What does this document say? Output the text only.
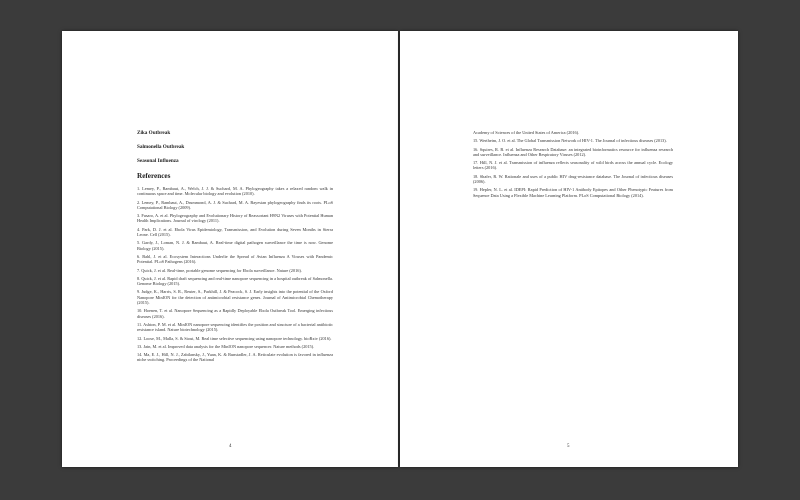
Zika Outbreak
Salmonella Outbreak
Seasonal Influenza
References
1. Lemey, P., Rambaut, A., Welch, J. J. & Suchard, M. A. Phylogeography takes a relaxed random walk in continuous space and time. Molecular biology and evolution (2010).
2. Lemey, P., Rambaut, A., Drummond, A. J. & Suchard, M. A. Bayesian phylogeography finds its roots. PLoS Computational Biology (2009).
3. Fusaro, A. et al. Phylogeography and Evolutionary History of Reassortant H9N2 Viruses with Potential Human Health Implications. Journal of virology (2011).
4. Park, D. J. et al. Ebola Virus Epidemiology, Transmission, and Evolution during Seven Months in Sierra Leone. Cell (2015).
5. Gardy, J., Loman, N. J. & Rambaut, A. Real-time digital pathogen surveillance the time is now. Genome Biology (2015).
6. Bahl, J. et al. Ecosystem Interactions Underlie the Spread of Avian Influenza A Viruses with Pandemic Potential. PLoS Pathogens (2016).
7. Quick, J. et al. Real-time, portable genome sequencing for Ebola surveillance. Nature (2016).
8. Quick, J. et al. Rapid draft sequencing and real-time nanopore sequencing in a hospital outbreak of Salmonella. Genome Biology (2015).
9. Judge, K., Harris, S. R., Reuter, S., Parkhill, J. & Peacock, S. J. Early insights into the potential of the Oxford Nanopore MinION for the detection of antimicrobial resistance genes. Journal of Antimicrobial Chemotherapy (2015).
10. Hoenen, T. et al. Nanopore Sequencing as a Rapidly Deployable Ebola Outbreak Tool. Emerging infectious diseases (2016).
11. Ashton, P. M. et al. MinION nanopore sequencing identifies the position and structure of a bacterial antibiotic resistance island. Nature biotechnology (2015).
12. Loose, M., Malla, S. & Stout, M. Real time selective sequencing using nanopore technology. bioRxiv (2016).
13. Jain, M. et al. Improved data analysis for the MinION nanopore sequencer. Nature methods (2015).
14. Ma, E. J., Hill, N. J., Zabilansky, J., Yuan, K. & Runstadler, J. A. Reticulate evolution is favored in influenza niche switching. Proceedings of the National
4
Academy of Sciences of the United States of America (2016).
15. Wertheim, J. O. et al. The Global Transmission Network of HIV-1. The Journal of infectious diseases (2013).
16. Squires, R. B. et al. Influenza Research Database: an integrated bioinformatics resource for influenza research and surveillance. Influenza and Other Respiratory Viruses (2012).
17. Hill, N. J. et al. Transmission of influenza reflects seasonality of wild birds across the annual cycle. Ecology letters (2016).
18. Shafer, R. W. Rationale and uses of a public HIV drug-resistance database. The Journal of infectious diseases (2006).
19. Hepler, N. L. et al. IDEPI: Rapid Prediction of HIV-1 Antibody Epitopes and Other Phenotypic Features from Sequence Data Using a Flexible Machine Learning Platform. PLoS Computational Biology (2014).
5
